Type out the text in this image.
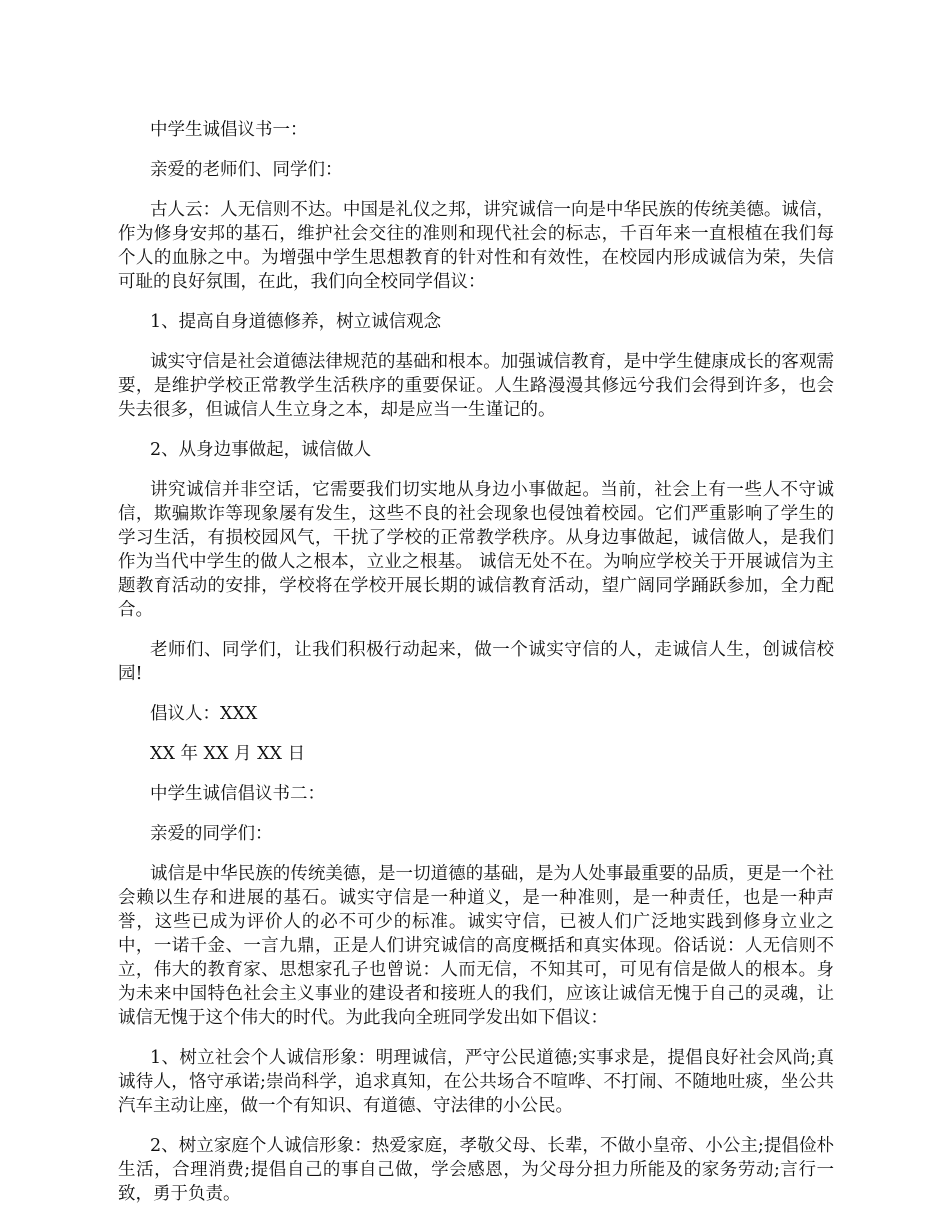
中学生诚倡议书一：

亲爱的老师们、同学们：

古人云：人无信则不达。中国是礼仪之邦，讲究诚信一向是中华民族的传统美德。诚信，作为修身安邦的基石，维护社会交往的准则和现代社会的标志，千百年来一直根植在我们每个人的血脉之中。为增强中学生思想教育的针对性和有效性，在校园内形成诚信为荣，失信可耻的良好氛围，在此，我们向全校同学倡议：

1、提高自身道德修养，树立诚信观念

诚实守信是社会道德法律规范的基础和根本。加强诚信教育，是中学生健康成长的客观需要，是维护学校正常教学生活秩序的重要保证。人生路漫漫其修远兮我们会得到许多，也会失去很多，但诚信人生立身之本，却是应当一生谨记的。

2、从身边事做起，诚信做人

讲究诚信并非空话，它需要我们切实地从身边小事做起。当前，社会上有一些人不守诚信，欺骗欺诈等现象屡有发生，这些不良的社会现象也侵蚀着校园。它们严重影响了学生的学习生活，有损校园风气，干扰了学校的正常教学秩序。从身边事做起，诚信做人，是我们作为当代中学生的做人之根本，立业之根基。 诚信无处不在。为响应学校关于开展诚信为主题教育活动的安排，学校将在学校开展长期的诚信教育活动，望广阔同学踊跃参加，全力配合。

老师们、同学们，让我们积极行动起来，做一个诚实守信的人，走诚信人生，创诚信校园!

倡议人：XXX

XX 年 XX 月 XX 日

中学生诚信倡议书二：

亲爱的同学们：

诚信是中华民族的传统美德，是一切道德的基础，是为人处事最重要的品质，更是一个社会赖以生存和进展的基石。诚实守信是一种道义，是一种准则，是一种责任，也是一种声誉，这些已成为评价人的必不可少的标准。诚实守信，已被人们广泛地实践到修身立业之中，一诺千金、一言九鼎，正是人们讲究诚信的高度概括和真实体现。俗话说：人无信则不立，伟大的教育家、思想家孔子也曾说：人而无信，不知其可，可见有信是做人的根本。身为未来中国特色社会主义事业的建设者和接班人的我们，应该让诚信无愧于自己的灵魂，让诚信无愧于这个伟大的时代。为此我向全班同学发出如下倡议：

1、树立社会个人诚信形象：明理诚信，严守公民道德;实事求是，提倡良好社会风尚;真诚待人，恪守承诺;崇尚科学，追求真知，在公共场合不喧哗、不打闹、不随地吐痰，坐公共汽车主动让座，做一个有知识、有道德、守法律的小公民。

2、树立家庭个人诚信形象：热爱家庭，孝敬父母、长辈，不做小皇帝、小公主;提倡俭朴生活，合理消费;提倡自己的事自己做，学会感恩，为父母分担力所能及的家务劳动;言行一致，勇于负责。
